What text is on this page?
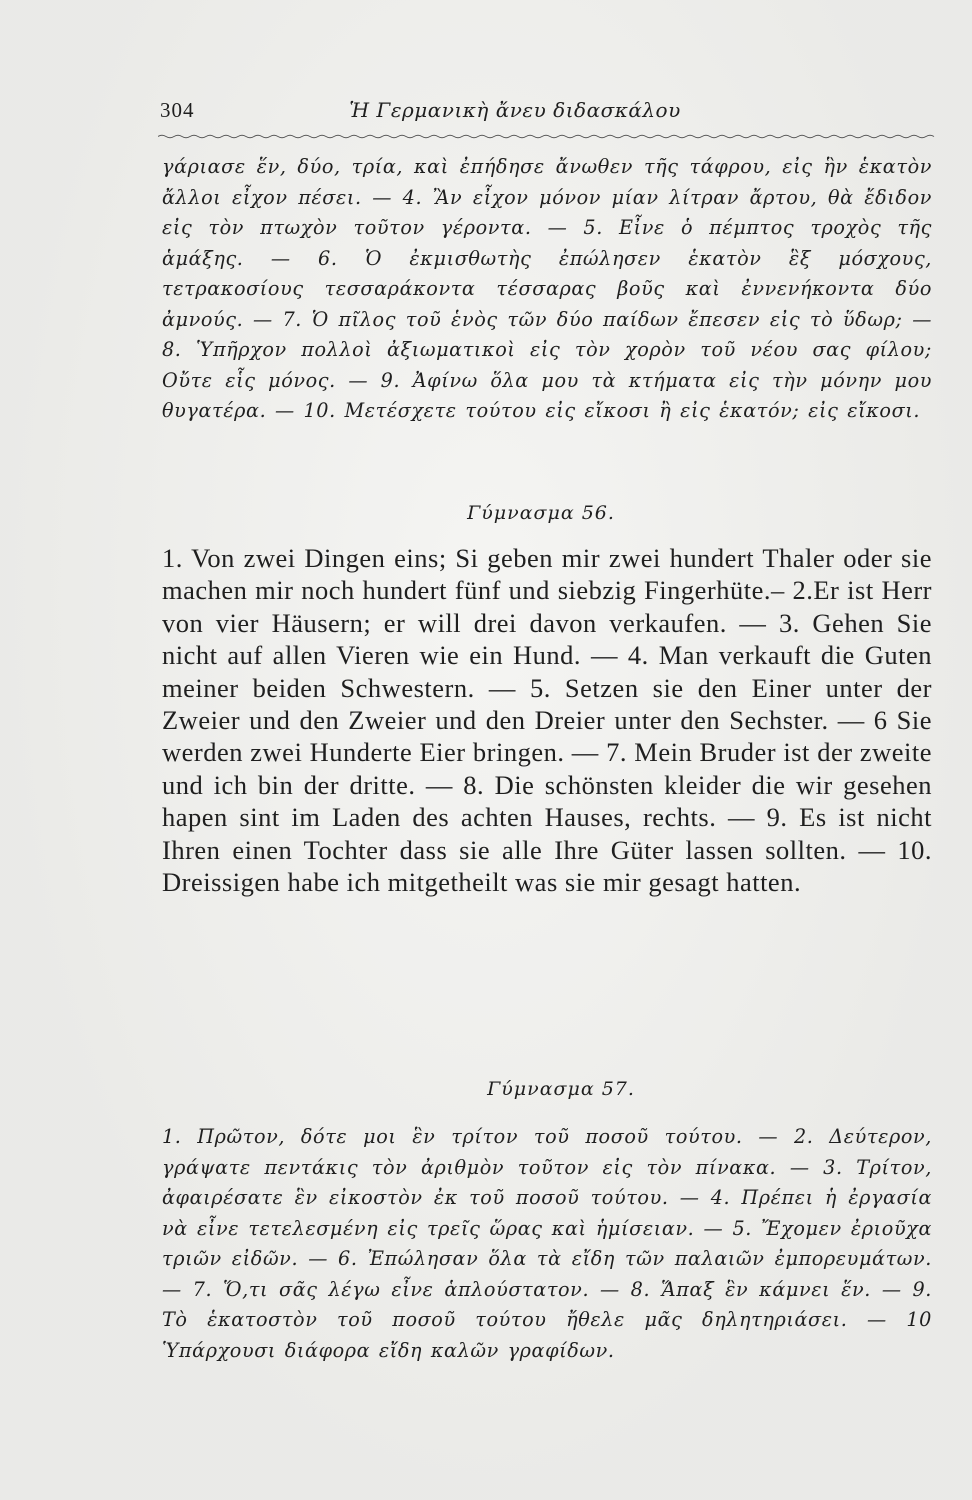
304	Ἡ Γερμανικὴ ἄνευ διδασκάλου

γάριασε ἕν, δύο, τρία, καὶ ἐπήδησε ἄνωθεν τῆς τάφρου, εἰς ἣν ἑκατὸν ἄλλοι εἶχον πέσει. — 4. Ἂν εἶχον μόνον μίαν λίτραν ἄρτου, θὰ ἔδιδον εἰς τὸν πτωχὸν τοῦτον γέροντα. — 5. Εἶνε ὁ πέμπτος τροχὸς τῆς ἁμάξης. — 6. Ὁ ἐκμισθωτὴς ἐπώλησεν ἑκατὸν ἓξ μόσχους, τετρακοσίους τεσσαράκοντα τέσσαρας βοῦς καὶ ἐννενήκοντα δύο ἀμνούς. — 7. Ὁ πῖλος τοῦ ἑνὸς τῶν δύο παίδων ἔπεσεν εἰς τὸ ὕδωρ; — 8. Ὑπῆρχον πολλοὶ ἀξιωματικοὶ εἰς τὸν χορὸν τοῦ νέου σας φίλου; Οὔτε εἷς μόνος. — 9. Ἀφίνω ὅλα μου τὰ κτήματα εἰς τὴν μόνην μου θυγατέρα. — 10. Μετέσχετε τούτου εἰς εἴκοσι ἢ εἰς ἑκατόν; εἰς εἴκοσι.

Γύμνασμα 56.

1. Von zwei Dingen eins; Si geben mir zwei hundert Thaler oder sie machen mir noch hundert fünf und siebzig Fingerhüte.– 2.Er ist Herr von vier Häusern; er will drei davon verkaufen. — 3. Gehen Sie nicht auf allen Vieren wie ein Hund. — 4. Man verkauft die Guten meiner beiden Schwestern. — 5. Setzen sie den Einer unter der Zweier und den Zweier und den Dreier unter den Sechster. — 6 Sie werden zwei Hunderte Eier bringen. — 7. Mein Bruder ist der zweite und ich bin der dritte. — 8. Die schönsten kleider die wir gesehen hapen sint im Laden des achten Hauses, rechts. — 9. Es ist nicht Ihren einen Tochter dass sie alle Ihre Güter lassen sollten. — 10. Dreissigen habe ich mitgetheilt was sie mir gesagt hatten.

Γύμνασμα 57.

1. Πρῶτον, δότε μοι ἓν τρίτον τοῦ ποσοῦ τούτου. — 2. Δεύτερον, γράψατε πεντάκις τὸν ἀριθμὸν τοῦτον εἰς τὸν πίνακα. — 3. Τρίτον, ἀφαιρέσατε ἓν εἰκοστὸν ἐκ τοῦ ποσοῦ τούτου. — 4. Πρέπει ἡ ἐργασία νὰ εἶνε τετελεσμένη εἰς τρεῖς ὥρας καὶ ἡμίσειαν. — 5. Ἔχομεν ἐριοῦχα τριῶν εἰδῶν. — 6. Ἐπώλησαν ὅλα τὰ εἴδη τῶν παλαιῶν ἐμπορευμάτων. — 7. Ὅ,τι σᾶς λέγω εἶνε ἁπλούστατον. — 8. Ἅπαξ ἓν κάμνει ἕν. — 9. Τὸ ἑκατοστὸν τοῦ ποσοῦ τούτου ἤθελε μᾶς δηλητηριάσει. — 10 Ὑπάρχουσι διάφορα εἴδη καλῶν γραφίδων.
